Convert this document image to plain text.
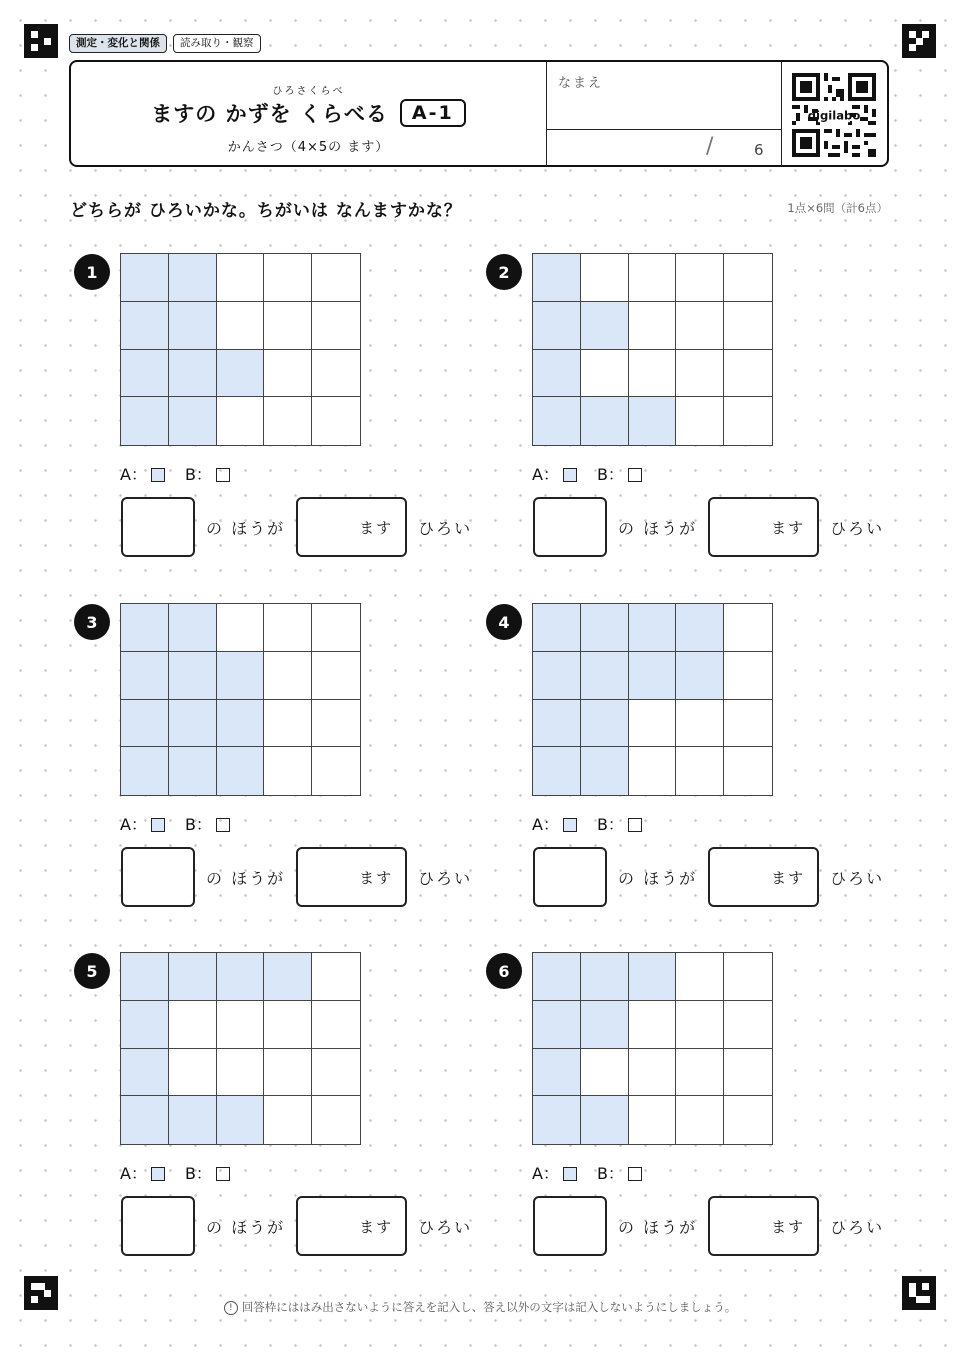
測定・変化と関係	読み取り・観察
ひろさくらべ
ますの かずを くらべる	A-1
かんさつ（4×5の ます）
なまえ
/	6
digilabo
どちらが ひろいかな。ちがいは なんますかな？	1点×6問（計6点）
1
A： B：
の ほうが	ます ひろい
2
A： B：
の ほうが	ます ひろい
3
A： B：
の ほうが	ます ひろい
4
A： B：
の ほうが	ます ひろい
5
A： B：
の ほうが	ます ひろい
6
A： B：
の ほうが	ます ひろい
! 回答枠にははみ出さないように答えを記入し、答え以外の文字は記入しないようにしましょう。
